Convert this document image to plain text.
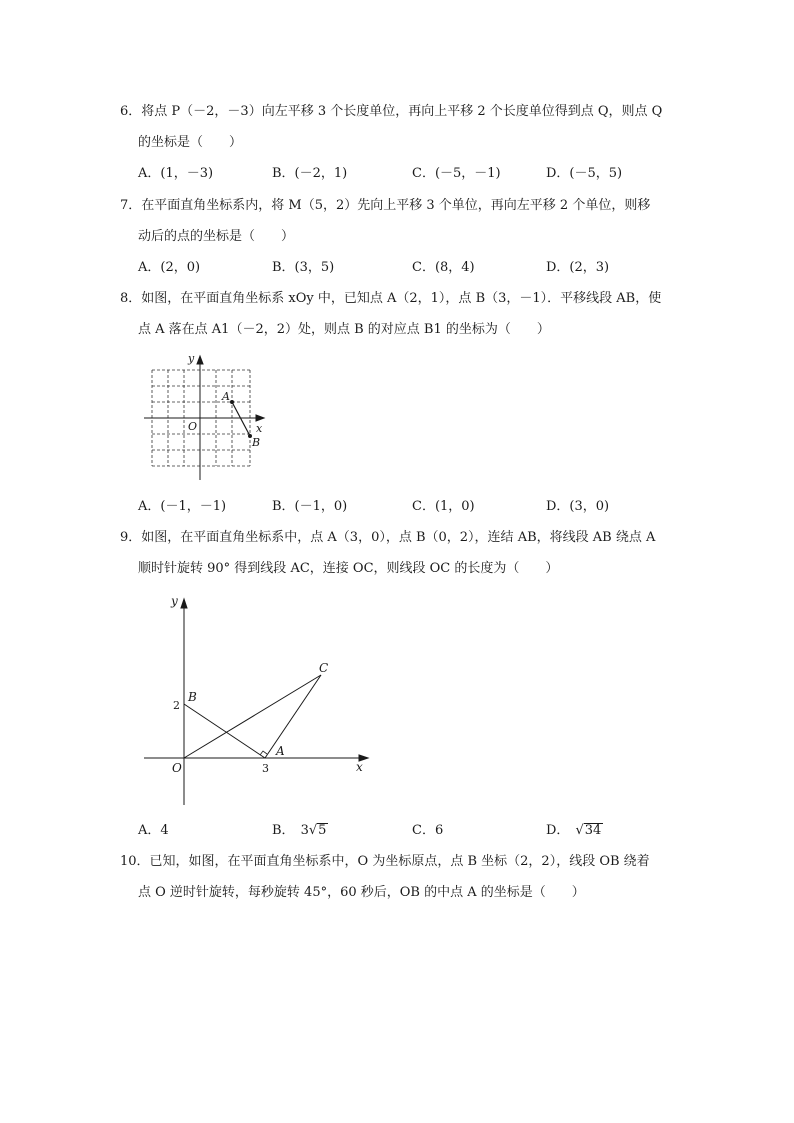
6．将点 P（－2，－3）向左平移 3 个长度单位，再向上平移 2 个长度单位得到点 Q，则点 Q
的坐标是（　　）
A．(1，－3)	B．(－2，1)	C．(－5，－1)	D．(－5，5)
7．在平面直角坐标系内，将 M（5，2）先向上平移 3 个单位，再向左平移 2 个单位，则移
动后的点的坐标是（　　）
A．(2，0)	B．(3，5)	C．(8，4)	D．(2，3)
8．如图，在平面直角坐标系 xOy 中，已知点 A（2，1），点 B（3，－1）．平移线段 AB，使
点 A 落在点 A1（－2，2）处，则点 B 的对应点 B1 的坐标为（　　）
y
x
O
A
B
A．(－1，－1)	B．(－1，0)	C．(1，0)	D．(3，0)
9．如图，在平面直角坐标系中，点 A（3，0），点 B（0，2），连结 AB，将线段 AB 绕点 A
顺时针旋转 90° 得到线段 AC，连接 OC，则线段 OC 的长度为（　　）
y
x
O
B
2
3
A
C
A．4	B． 3√5	C．6	D． √34
10．已知，如图，在平面直角坐标系中，O 为坐标原点，点 B 坐标（2，2），线段 OB 绕着
点 O 逆时针旋转，每秒旋转 45°，60 秒后，OB 的中点 A 的坐标是（　　）
